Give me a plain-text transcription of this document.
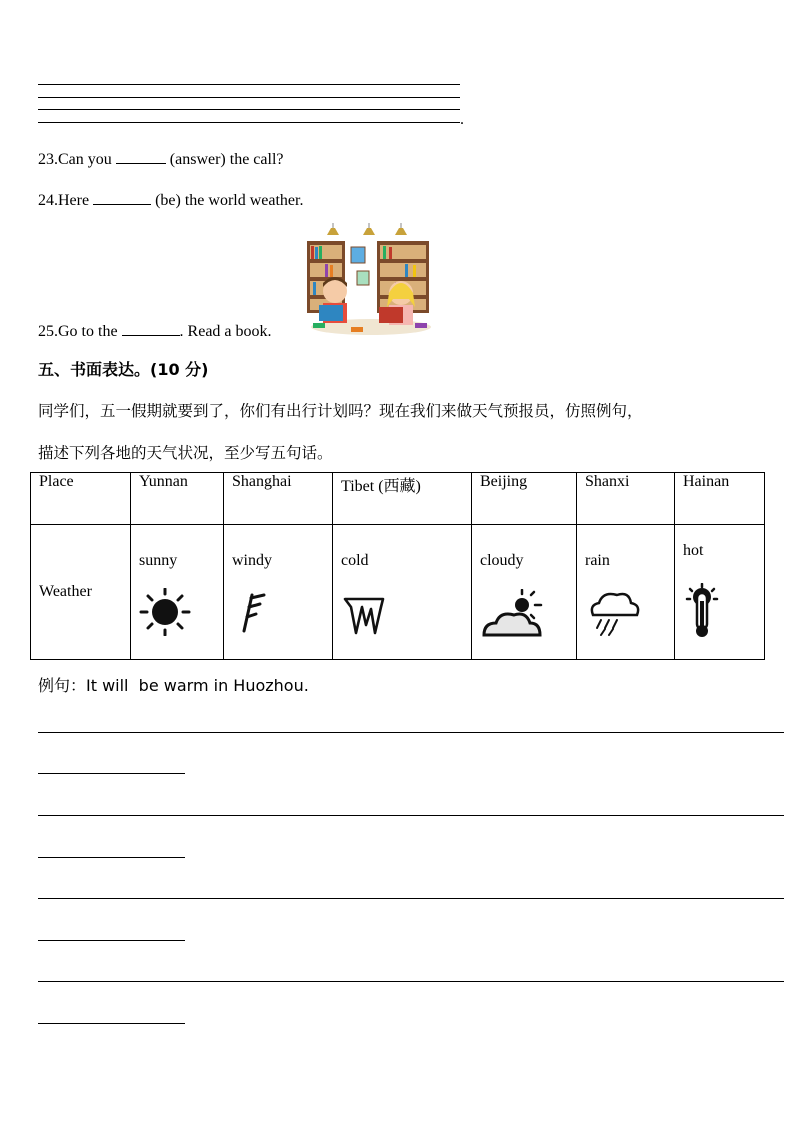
.
23.Can you	(answer) the call?
24.Here	(be) the world weather.
25.Go to the	. Read a book.
五、书面表达。(10 分)
同学们，五一假期就要到了，你们有出行计划吗？现在我们来做天气预报员，仿照例句，
描述下列各地的天气状况，至少写五句话。
Place	Yunnan	Shanghai	Tibet (西藏)	Beijing	Shanxi	Hainan
Weather	sunny	windy	cold	cloudy	rain	hot
例句：It will  be warm in Huozhou.
